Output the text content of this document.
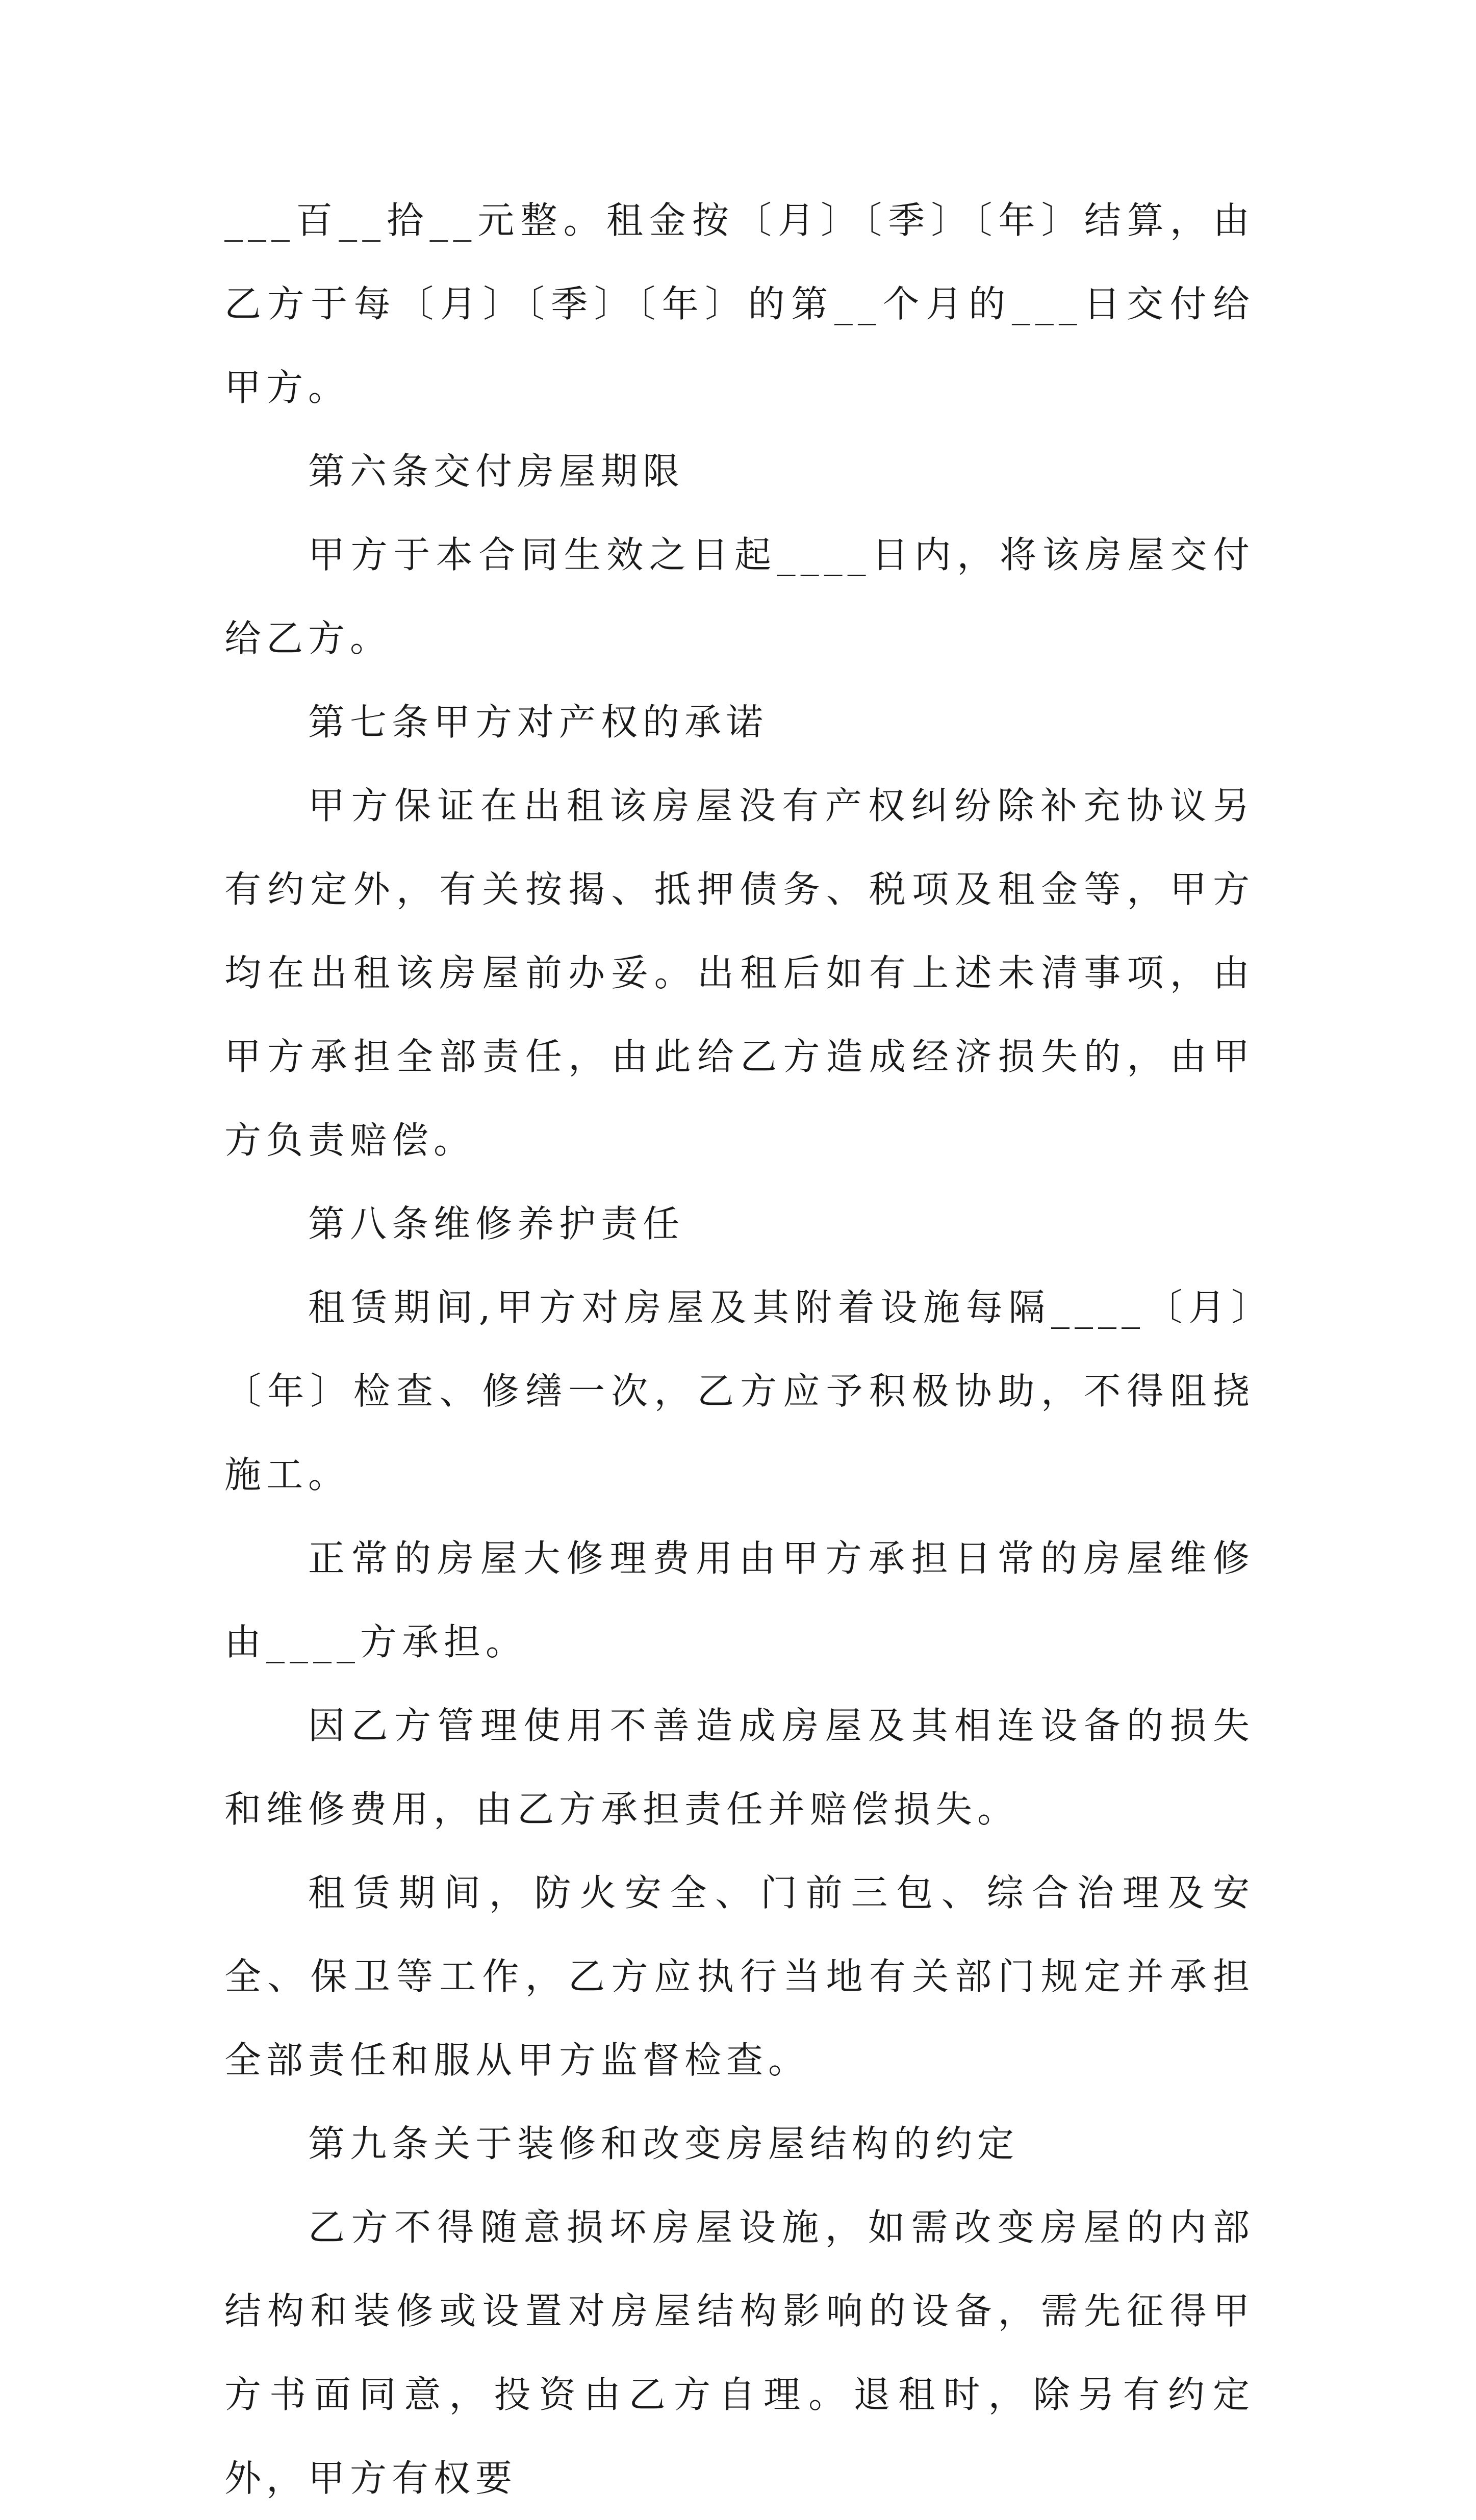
___百__拾__元整。租金按〔月〕〔季〕〔年〕结算，由乙方于每〔月〕〔季〕〔年〕的第__个月的___日交付给甲方。

第六条交付房屋期限

甲方于本合同生效之日起____日内，将该房屋交付给乙方。

第七条甲方对产权的承诺

甲方保证在出租该房屋没有产权纠纷除补充协议另有约定外，有关按揭、抵押债务、税项及租金等，甲方均在出租该房屋前办妥。出租后如有上述未清事项，由甲方承担全部责任，由此给乙方造成经济损失的，由甲方负责赔偿。

第八条维修养护责任

租赁期间,甲方对房屋及其附着设施每隔____〔月〕〔年〕检查、修缮一次，乙方应予积极协助，不得阻挠施工。

正常的房屋大修理费用由甲方承担日常的房屋维修由____方承担。

因乙方管理使用不善造成房屋及其相连设备的损失和维修费用，由乙方承担责任并赔偿损失。

租赁期间，防火安全、门前三包、综合治理及安全、保卫等工作，乙方应执行当地有关部门规定并承担全部责任和服从甲方监督检查。

第九条关于装修和改变房屋结构的约定

乙方不得随意损坏房屋设施，如需改变房屋的内部结构和装修或设置对房屋结构影响的设备，需先征得甲方书面同意，投资由乙方自理。退租时，除另有约定外，甲方有权要
